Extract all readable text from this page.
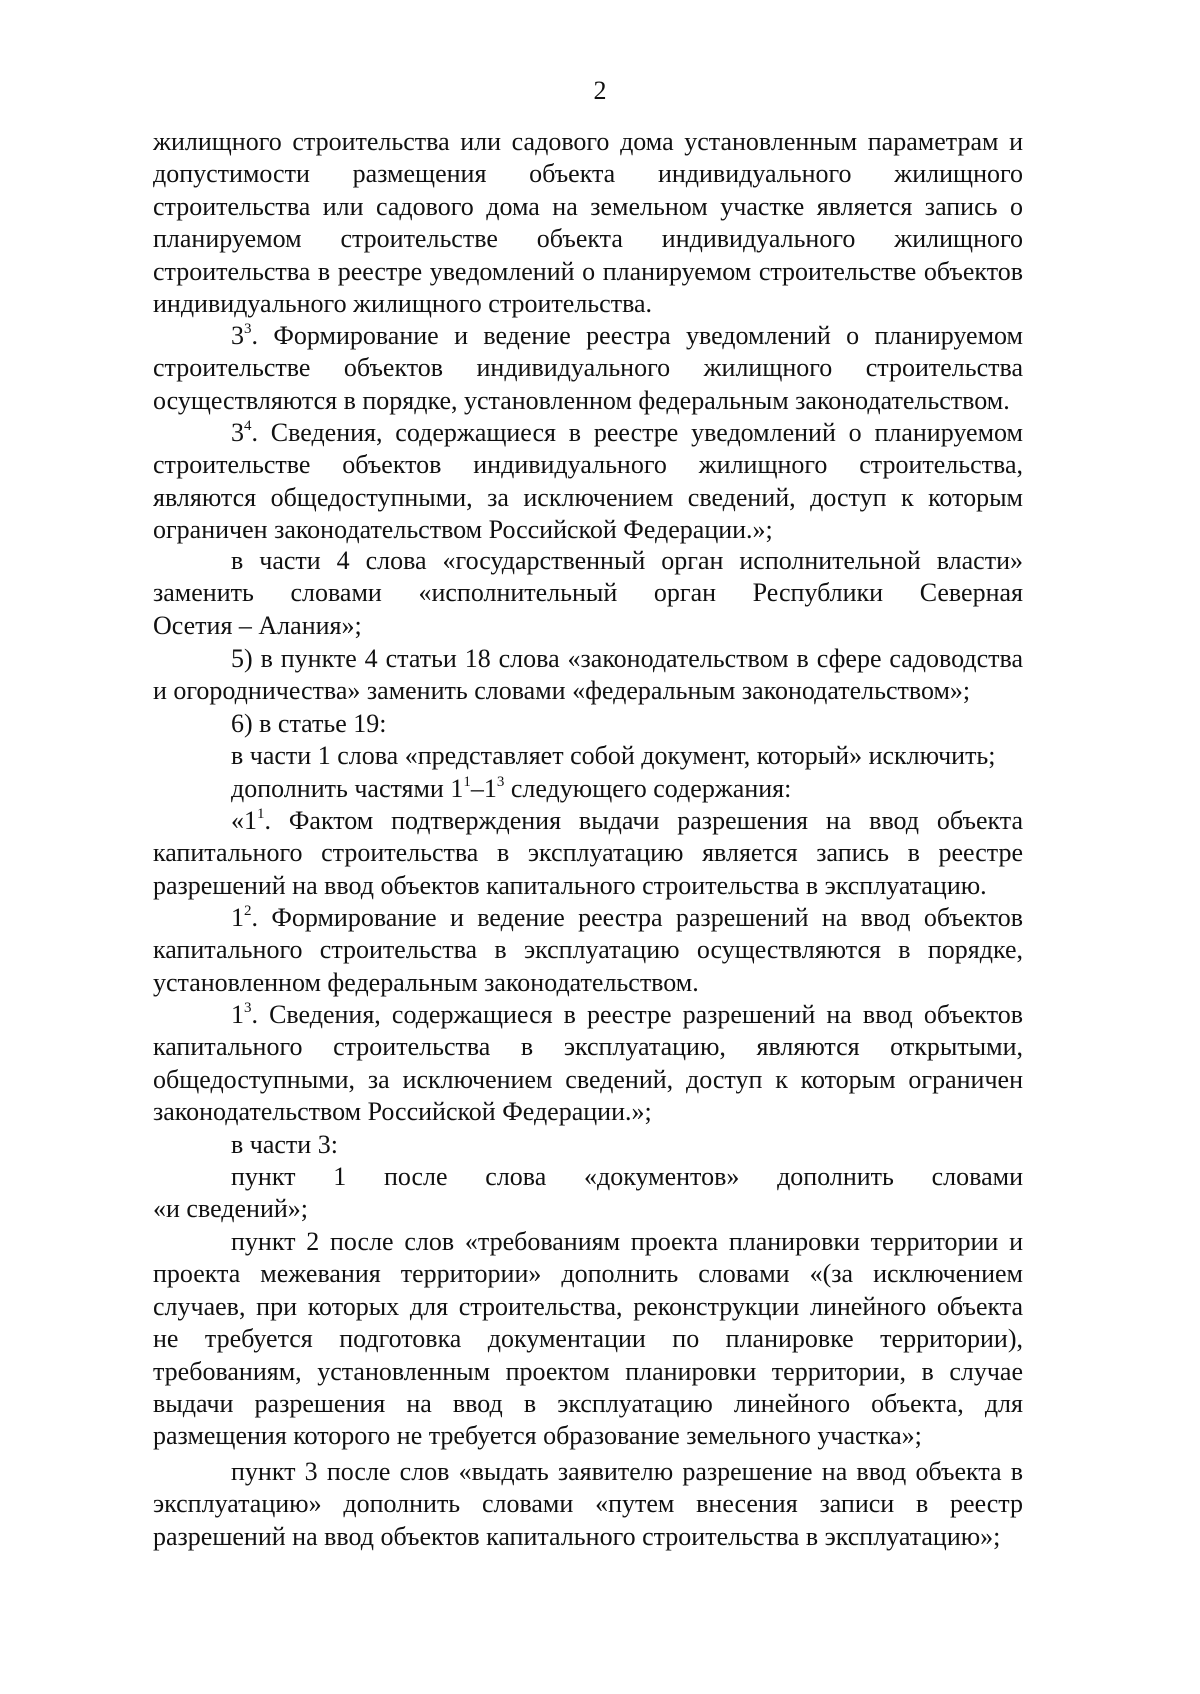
2
жилищного строительства или садового дома установленным параметрам и
допустимости размещения объекта индивидуального жилищного
строительства или садового дома на земельном участке является запись о
планируемом строительстве объекта индивидуального жилищного
строительства в реестре уведомлений о планируемом строительстве объектов
индивидуального жилищного строительства.
$3^3$. Формирование и ведение реестра уведомлений о планируемом
строительстве объектов индивидуального жилищного строительства
осуществляются в порядке, установленном федеральным законодательством.
$3^4$. Сведения, содержащиеся в реестре уведомлений о планируемом
строительстве объектов индивидуального жилищного строительства,
являются общедоступными, за исключением сведений, доступ к которым
ограничен законодательством Российской Федерации.»;
в части 4 слова «государственный орган исполнительной власти»
заменить словами «исполнительный орган Республики Северная
Осетия – Алания»;
5) в пункте 4 статьи 18 слова «законодательством в сфере садоводства
и огородничества» заменить словами «федеральным законодательством»;
6) в статье 19:
в части 1 слова «представляет собой документ, который» исключить;
дополнить частями $1^1-1^3$ следующего содержания:
«$1^1$. Фактом подтверждения выдачи разрешения на ввод объекта
капитального строительства в эксплуатацию является запись в реестре
разрешений на ввод объектов капитального строительства в эксплуатацию.
$1^2$. Формирование и ведение реестра разрешений на ввод объектов
капитального строительства в эксплуатацию осуществляются в порядке,
установленном федеральным законодательством.
$1^3$. Сведения, содержащиеся в реестре разрешений на ввод объектов
капитального строительства в эксплуатацию, являются открытыми,
общедоступными, за исключением сведений, доступ к которым ограничен
законодательством Российской Федерации.»;
в части 3:
пункт 1 после слова «документов» дополнить словами
«и сведений»;
пункт 2 после слов «требованиям проекта планировки территории и
проекта межевания территории» дополнить словами «(за исключением
случаев, при которых для строительства, реконструкции линейного объекта
не требуется подготовка документации по планировке территории),
требованиям, установленным проектом планировки территории, в случае
выдачи разрешения на ввод в эксплуатацию линейного объекта, для
размещения которого не требуется образование земельного участка»;
пункт 3 после слов «выдать заявителю разрешение на ввод объекта в
эксплуатацию» дополнить словами «путем внесения записи в реестр
разрешений на ввод объектов капитального строительства в эксплуатацию»;
